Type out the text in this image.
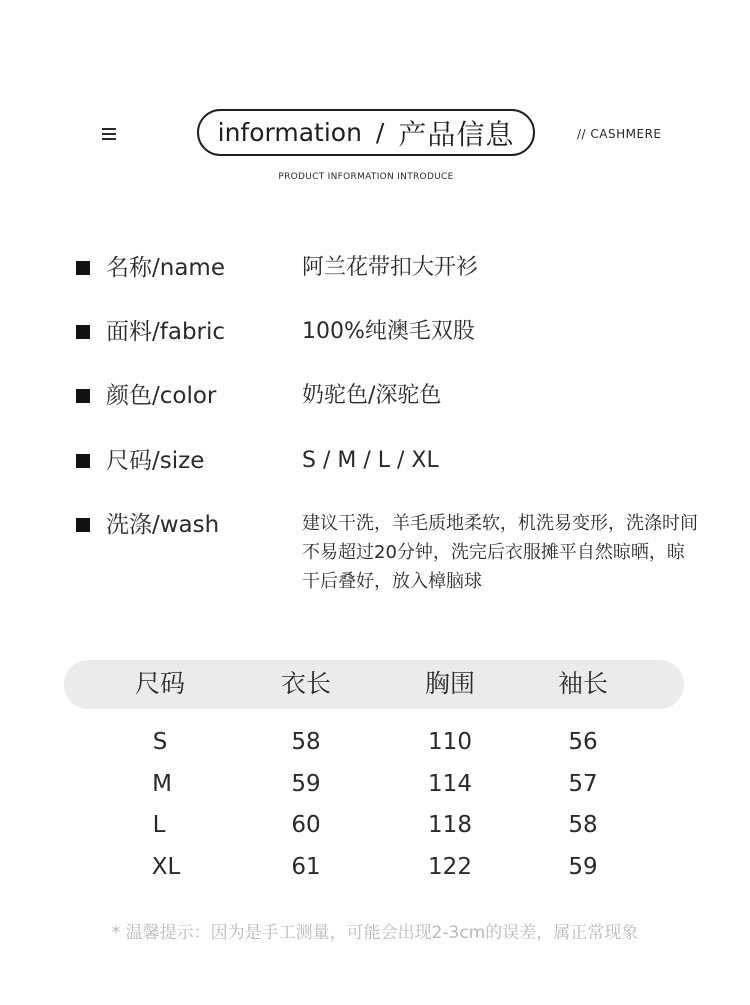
information / 产品信息	// CASHMERE
PRODUCT INFORMATION INTRODUCE
名称/name	阿兰花带扣大开衫
面料/fabric	100%纯澳毛双股
颜色/color	奶驼色/深驼色
尺码/size	S / M / L / XL
洗涤/wash	建议干洗，羊毛质地柔软，机洗易变形，洗涤时间不易超过20分钟，洗完后衣服摊平自然晾晒，晾干后叠好，放入樟脑球
尺码	衣长	胸围	袖长
S	58	110	56
M	59	114	57
L	60	118	58
XL	61	122	59
* 温馨提示：因为是手工测量，可能会出现2-3cm的误差，属正常现象
